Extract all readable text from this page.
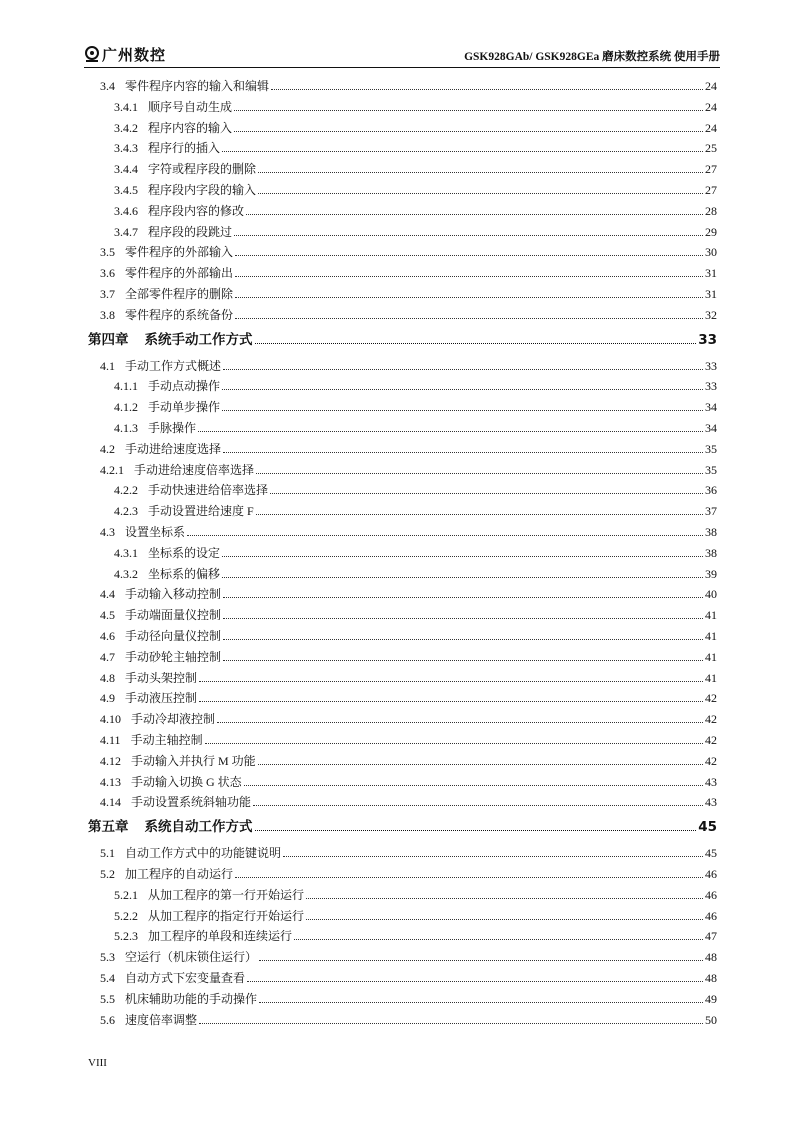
广州数控	GSK928GAb/ GSK928GEa 磨床数控系统 使用手册
3.4 零件程序内容的输入和编辑	24
3.4.1 顺序号自动生成	24
3.4.2 程序内容的输入	24
3.4.3 程序行的插入	25
3.4.4 字符或程序段的删除	27
3.4.5 程序段内字段的输入	27
3.4.6 程序段内容的修改	28
3.4.7 程序段的段跳过	29
3.5 零件程序的外部输入	30
3.6 零件程序的外部输出	31
3.7 全部零件程序的删除	31
3.8 零件程序的系统备份	32
第四章 系统手动工作方式	33
4.1 手动工作方式概述	33
4.1.1 手动点动操作	33
4.1.2 手动单步操作	34
4.1.3 手脉操作	34
4.2 手动进给速度选择	35
4.2.1 手动进给速度倍率选择	35
4.2.2 手动快速进给倍率选择	36
4.2.3 手动设置进给速度 F	37
4.3 设置坐标系	38
4.3.1 坐标系的设定	38
4.3.2 坐标系的偏移	39
4.4 手动输入移动控制	40
4.5 手动端面量仪控制	41
4.6 手动径向量仪控制	41
4.7 手动砂轮主轴控制	41
4.8 手动头架控制	41
4.9 手动液压控制	42
4.10 手动冷却液控制	42
4.11 手动主轴控制	42
4.12 手动输入并执行 M 功能	42
4.13 手动输入切换 G 状态	43
4.14 手动设置系统斜轴功能	43
第五章 系统自动工作方式	45
5.1 自动工作方式中的功能键说明	45
5.2 加工程序的自动运行	46
5.2.1 从加工程序的第一行开始运行	46
5.2.2 从加工程序的指定行开始运行	46
5.2.3 加工程序的单段和连续运行	47
5.3 空运行（机床锁住运行）	48
5.4 自动方式下宏变量查看	48
5.5 机床辅助功能的手动操作	49
5.6 速度倍率调整	50
VIII
